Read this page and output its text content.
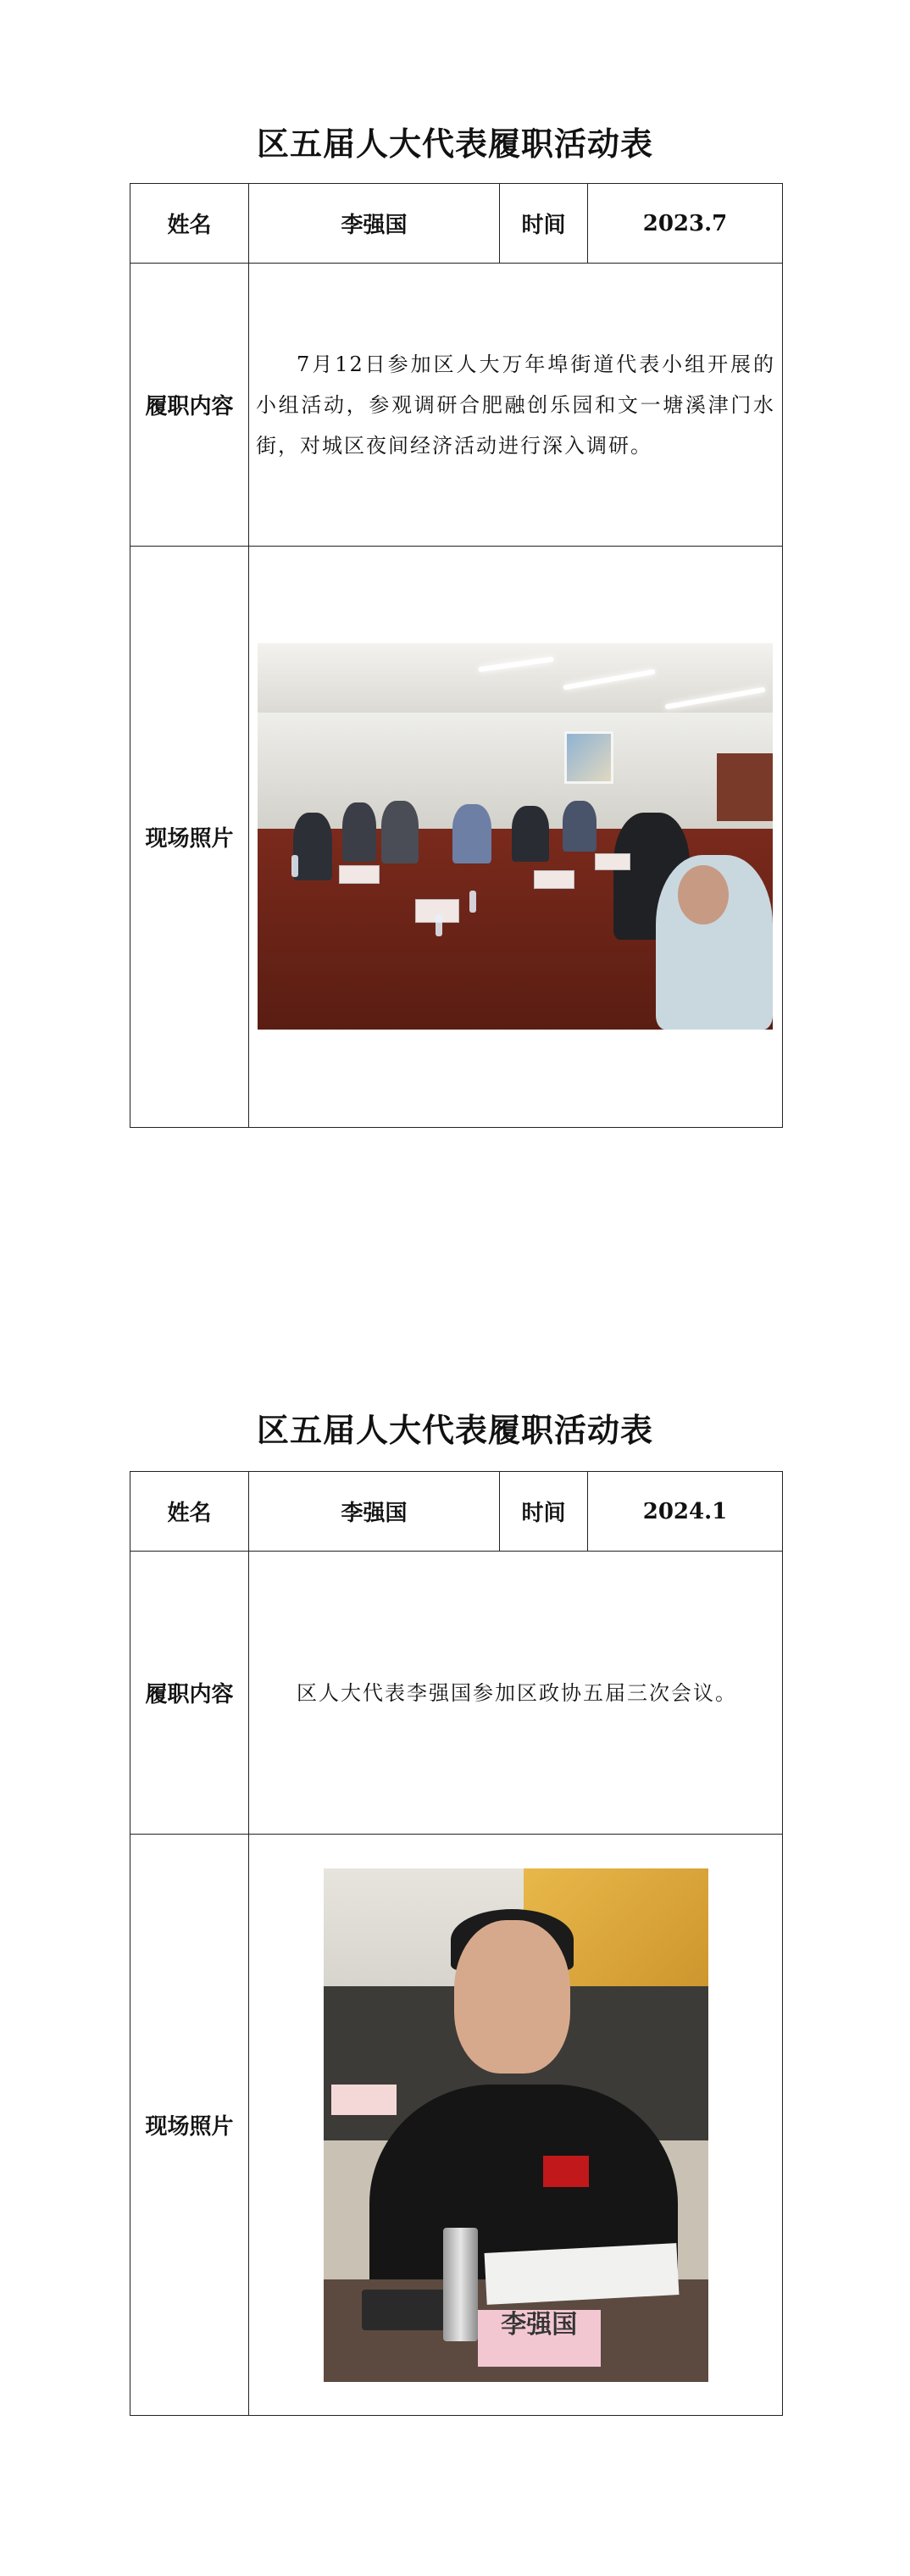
区五届人大代表履职活动表
姓名	李强国	时间	2023.7
履职内容	7月12日参加区人大万年埠街道代表小组开展的小组活动，参观调研合肥融创乐园和文一塘溪津门水街，对城区夜间经济活动进行深入调研。		

现场照片			
区五届人大代表履职活动表
姓名	李强国	时间	2024.1
履职内容	区人大代表李强国参加区政协五届三次会议。		

现场照片	李强国		
